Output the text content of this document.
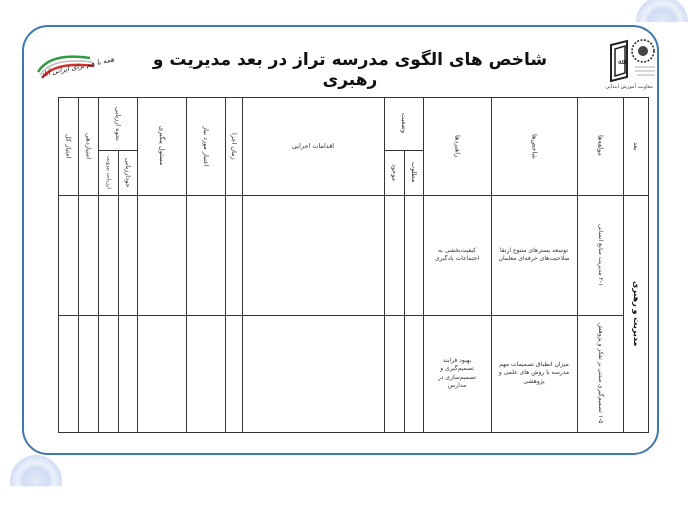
ﷲ
معاونت آموزش ابتدایی
همه با هم برای ایرانی آباد شاخص های الگوی مدرسه تراز در بعد مدیریت و رهبری
بعد
مولفه‌ها
شاخص‌ها
راهبردها
وضعیت
مطلوب
موجود
اقدامات اجرایی
زمان اجرا
اعتبار مورد نیاز
مسئول پیگیری
نحوه ارزیابی
خودارزیابی
ارزیابی بیرونی
امتیازدهی
امتیاز کل
مدیریت و رهبری
۲-۱ مدیریت منابع انسانی
توسعه بسترهای متنوع ارتقا صلاحیت‌های حرفه‌ای معلمان
کیفیت‌بخشی به اجتماعات یادگیری
۱-۵ تصمیم‌گیری مبتنی بر تفکر و پژوهش
میزان انطباق تصمیمات مهم مدرسه با روش های علمی و پژوهشی
بهبود فرایند تصمیم‌گیری و تصمیم‌سازی در مدارس
